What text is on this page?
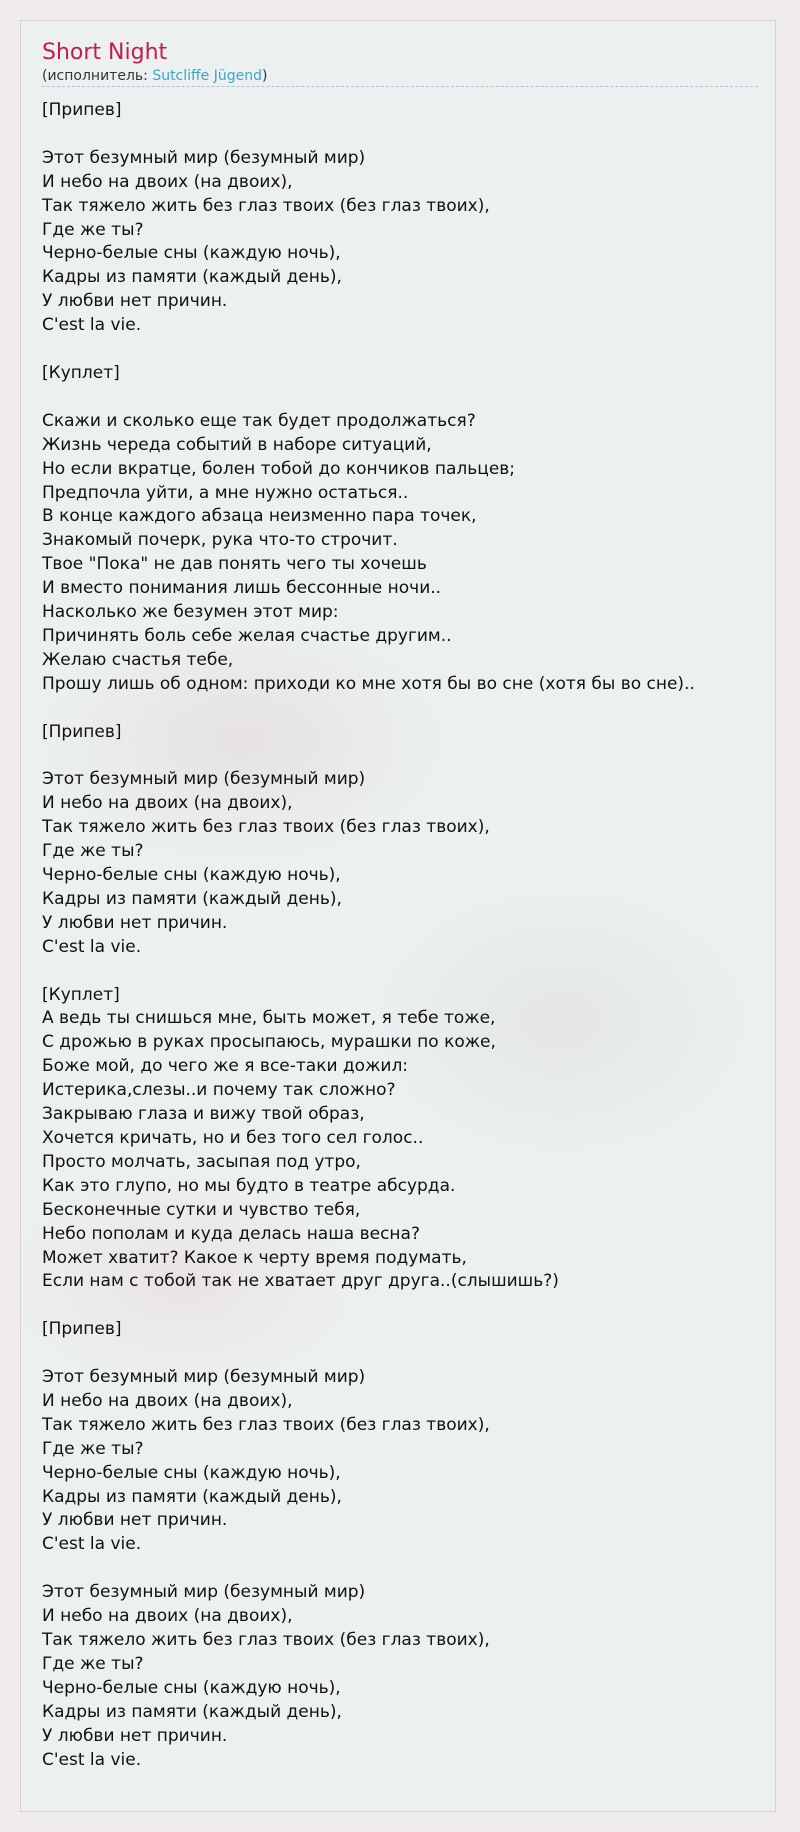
Short Night
(исполнитель: Sutcliffe Jügend)
[Припев]

Этот безумный мир (безумный мир)
И небо на двоих (на двоих),
Так тяжело жить без глаз твоих (без глаз твоих),
Где же ты?
Черно-белые сны (каждую ночь),
Кадры из памяти (каждый день),
У любви нет причин.
C'est la vie.

[Куплет]

Скажи и сколько еще так будет продолжаться?
Жизнь череда событий в наборе ситуаций,
Но если вкратце, болен тобой до кончиков пальцев;
Предпочла уйти, а мне нужно остаться..
В конце каждого абзаца неизменно пара точек,
Знакомый почерк, рука что-то строчит.
Твое "Пока" не дав понять чего ты хочешь
И вместо понимания лишь бессонные ночи..
Насколько же безумен этот мир:
Причинять боль себе желая счастье другим..
Желаю счастья тебе,
Прошу лишь об одном: приходи ко мне хотя бы во сне (хотя бы во сне)..

[Припев]

Этот безумный мир (безумный мир)
И небо на двоих (на двоих),
Так тяжело жить без глаз твоих (без глаз твоих),
Где же ты?
Черно-белые сны (каждую ночь),
Кадры из памяти (каждый день),
У любви нет причин.
C'est la vie.

[Куплет]
А ведь ты снишься мне, быть может, я тебе тоже,
С дрожью в руках просыпаюсь, мурашки по коже,
Боже мой, до чего же я все-таки дожил:
Истерика,слезы..и почему так сложно?
Закрываю глаза и вижу твой образ,
Хочется кричать, но и без того сел голос..
Просто молчать, засыпая под утро,
Как это глупо, но мы будто в театре абсурда.
Бесконечные сутки и чувство тебя,
Небо пополам и куда делась наша весна?
Может хватит? Какое к черту время подумать,
Если нам с тобой так не хватает друг друга..(слышишь?)

[Припев]

Этот безумный мир (безумный мир)
И небо на двоих (на двоих),
Так тяжело жить без глаз твоих (без глаз твоих),
Где же ты?
Черно-белые сны (каждую ночь),
Кадры из памяти (каждый день),
У любви нет причин.
C'est la vie.

Этот безумный мир (безумный мир)
И небо на двоих (на двоих),
Так тяжело жить без глаз твоих (без глаз твоих),
Где же ты?
Черно-белые сны (каждую ночь),
Кадры из памяти (каждый день),
У любви нет причин.
C'est la vie.
